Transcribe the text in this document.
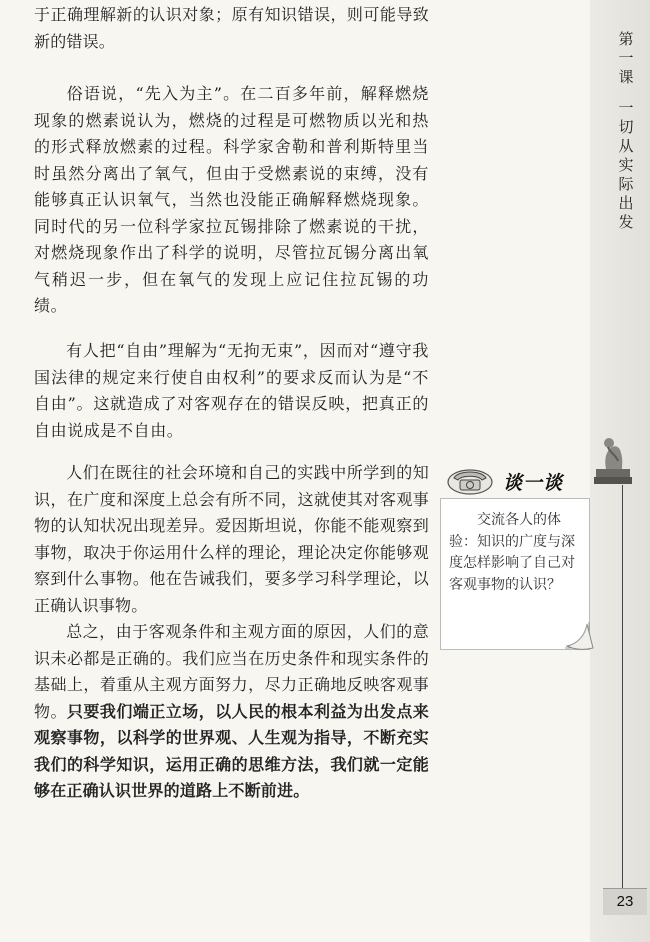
于正确理解新的认识对象；原有知识错误，则可能导致新的错误。

俗语说，“先入为主”。在二百多年前，解释燃烧现象的燃素说认为，燃烧的过程是可燃物质以光和热的形式释放燃素的过程。科学家舍勒和普利斯特里当时虽然分离出了氧气，但由于受燃素说的束缚，没有能够真正认识氧气，当然也没能正确解释燃烧现象。同时代的另一位科学家拉瓦锡排除了燃素说的干扰，对燃烧现象作出了科学的说明，尽管拉瓦锡分离出氧气稍迟一步，但在氧气的发现上应记住拉瓦锡的功绩。

有人把“自由”理解为“无拘无束”，因而对“遵守我国法律的规定来行使自由权利”的要求反而认为是“不自由”。这就造成了对客观存在的错误反映，把真正的自由说成是不自由。

人们在既往的社会环境和自己的实践中所学到的知识，在广度和深度上总会有所不同，这就使其对客观事物的认知状况出现差异。爱因斯坦说，你能不能观察到事物，取决于你运用什么样的理论，理论决定你能够观察到什么事物。他在告诫我们，要多学习科学理论，以正确认识事物。

总之，由于客观条件和主观方面的原因，人们的意识未必都是正确的。我们应当在历史条件和现实条件的基础上，着重从主观方面努力，尽力正确地反映客观事物。只要我们端正立场，以人民的根本利益为出发点来观察事物，以科学的世界观、人生观为指导，不断充实我们的科学知识，运用正确的思维方法，我们就一定能够在正确认识世界的道路上不断前进。

第
一
课
一
切
从
实
际
出
发
谈一谈

交流各人的体验：知识的广度与深度怎样影响了自己对客观事物的认识？

23
